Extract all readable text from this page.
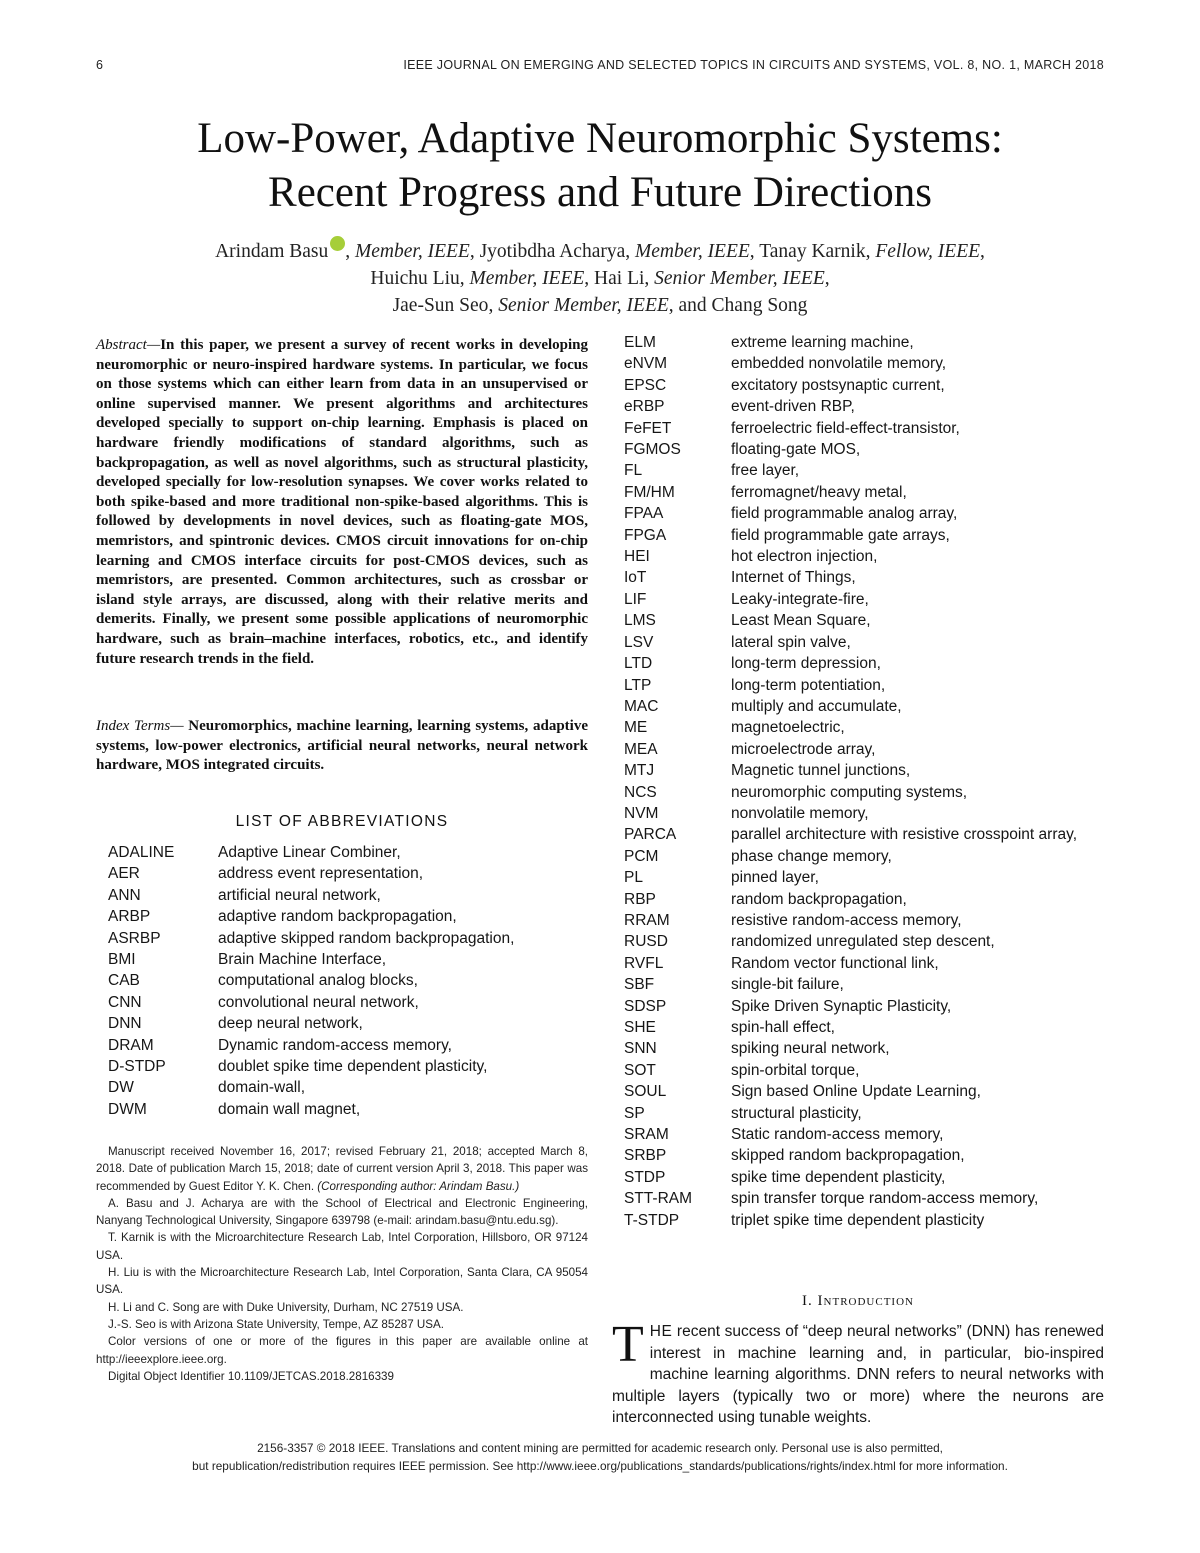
6	IEEE JOURNAL ON EMERGING AND SELECTED TOPICS IN CIRCUITS AND SYSTEMS, VOL. 8, NO. 1, MARCH 2018
Low-Power, Adaptive Neuromorphic Systems:
Recent Progress and Future Directions
Arindam Basu , Member, IEEE, Jyotibdha Acharya, Member, IEEE, Tanay Karnik, Fellow, IEEE,
Huichu Liu, Member, IEEE, Hai Li, Senior Member, IEEE,
Jae-Sun Seo, Senior Member, IEEE, and Chang Song
Abstract—In this paper, we present a survey of recent works in developing neuromorphic or neuro-inspired hardware systems. In particular, we focus on those systems which can either learn from data in an unsupervised or online supervised manner. We present algorithms and architectures developed specially to support on-chip learning. Emphasis is placed on hardware friendly modifications of standard algorithms, such as backpropagation, as well as novel algorithms, such as structural plasticity, developed specially for low-resolution synapses. We cover works related to both spike-based and more traditional non-spike-based algorithms. This is followed by developments in novel devices, such as floating-gate MOS, memristors, and spintronic devices. CMOS circuit innovations for on-chip learning and CMOS interface circuits for post-CMOS devices, such as memristors, are presented. Common architectures, such as crossbar or island style arrays, are discussed, along with their relative merits and demerits. Finally, we present some possible applications of neuromorphic hardware, such as brain–machine interfaces, robotics, etc., and identify future research trends in the field.
Index Terms— Neuromorphics, machine learning, learning systems, adaptive systems, low-power electronics, artificial neural networks, neural network hardware, MOS integrated circuits.
LIST OF ABBREVIATIONS
ADALINE	Adaptive Linear Combiner,
AER	address event representation,
ANN	artificial neural network,
ARBP	adaptive random backpropagation,
ASRBP	adaptive skipped random backpropagation,
BMI	Brain Machine Interface,
CAB	computational analog blocks,
CNN	convolutional neural network,
DNN	deep neural network,
DRAM	Dynamic random-access memory,
D-STDP	doublet spike time dependent plasticity,
DW	domain-wall,
DWM	domain wall magnet,
ELM	extreme learning machine,
eNVM	embedded nonvolatile memory,
EPSC	excitatory postsynaptic current,
eRBP	event-driven RBP,
FeFET	ferroelectric field-effect-transistor,
FGMOS	floating-gate MOS,
FL	free layer,
FM/HM	ferromagnet/heavy metal,
FPAA	field programmable analog array,
FPGA	field programmable gate arrays,
HEI	hot electron injection,
IoT	Internet of Things,
LIF	Leaky-integrate-fire,
LMS	Least Mean Square,
LSV	lateral spin valve,
LTD	long-term depression,
LTP	long-term potentiation,
MAC	multiply and accumulate,
ME	magnetoelectric,
MEA	microelectrode array,
MTJ	Magnetic tunnel junctions,
NCS	neuromorphic computing systems,
NVM	nonvolatile memory,
PARCA	parallel architecture with resistive crosspoint array,
PCM	phase change memory,
PL	pinned layer,
RBP	random backpropagation,
RRAM	resistive random-access memory,
RUSD	randomized unregulated step descent,
RVFL	Random vector functional link,
SBF	single-bit failure,
SDSP	Spike Driven Synaptic Plasticity,
SHE	spin-hall effect,
SNN	spiking neural network,
SOT	spin-orbital torque,
SOUL	Sign based Online Update Learning,
SP	structural plasticity,
SRAM	Static random-access memory,
SRBP	skipped random backpropagation,
STDP	spike time dependent plasticity,
STT-RAM	spin transfer torque random-access memory,
T-STDP	triplet spike time dependent plasticity

Manuscript received November 16, 2017; revised February 21, 2018; accepted March 8, 2018. Date of publication March 15, 2018; date of current version April 3, 2018. This paper was recommended by Guest Editor Y. K. Chen. (Corresponding author: Arindam Basu.)

A. Basu and J. Acharya are with the School of Electrical and Electronic Engineering, Nanyang Technological University, Singapore 639798 (e-mail: arindam.basu@ntu.edu.sg).

T. Karnik is with the Microarchitecture Research Lab, Intel Corporation, Hillsboro, OR 97124 USA.

H. Liu is with the Microarchitecture Research Lab, Intel Corporation, Santa Clara, CA 95054 USA.

H. Li and C. Song are with Duke University, Durham, NC 27519 USA.

J.-S. Seo is with Arizona State University, Tempe, AZ 85287 USA.

Color versions of one or more of the figures in this paper are available online at http://ieeexplore.ieee.org.

Digital Object Identifier 10.1109/JETCAS.2018.2816339

I. Introduction
THE recent success of “deep neural networks” (DNN) has renewed interest in machine learning and, in particular, bio-inspired machine learning algorithms. DNN refers to neural networks with multiple layers (typically two or more) where the neurons are interconnected using tunable weights.
2156-3357 © 2018 IEEE. Translations and content mining are permitted for academic research only. Personal use is also permitted,
but republication/redistribution requires IEEE permission. See http://www.ieee.org/publications_standards/publications/rights/index.html for more information.
